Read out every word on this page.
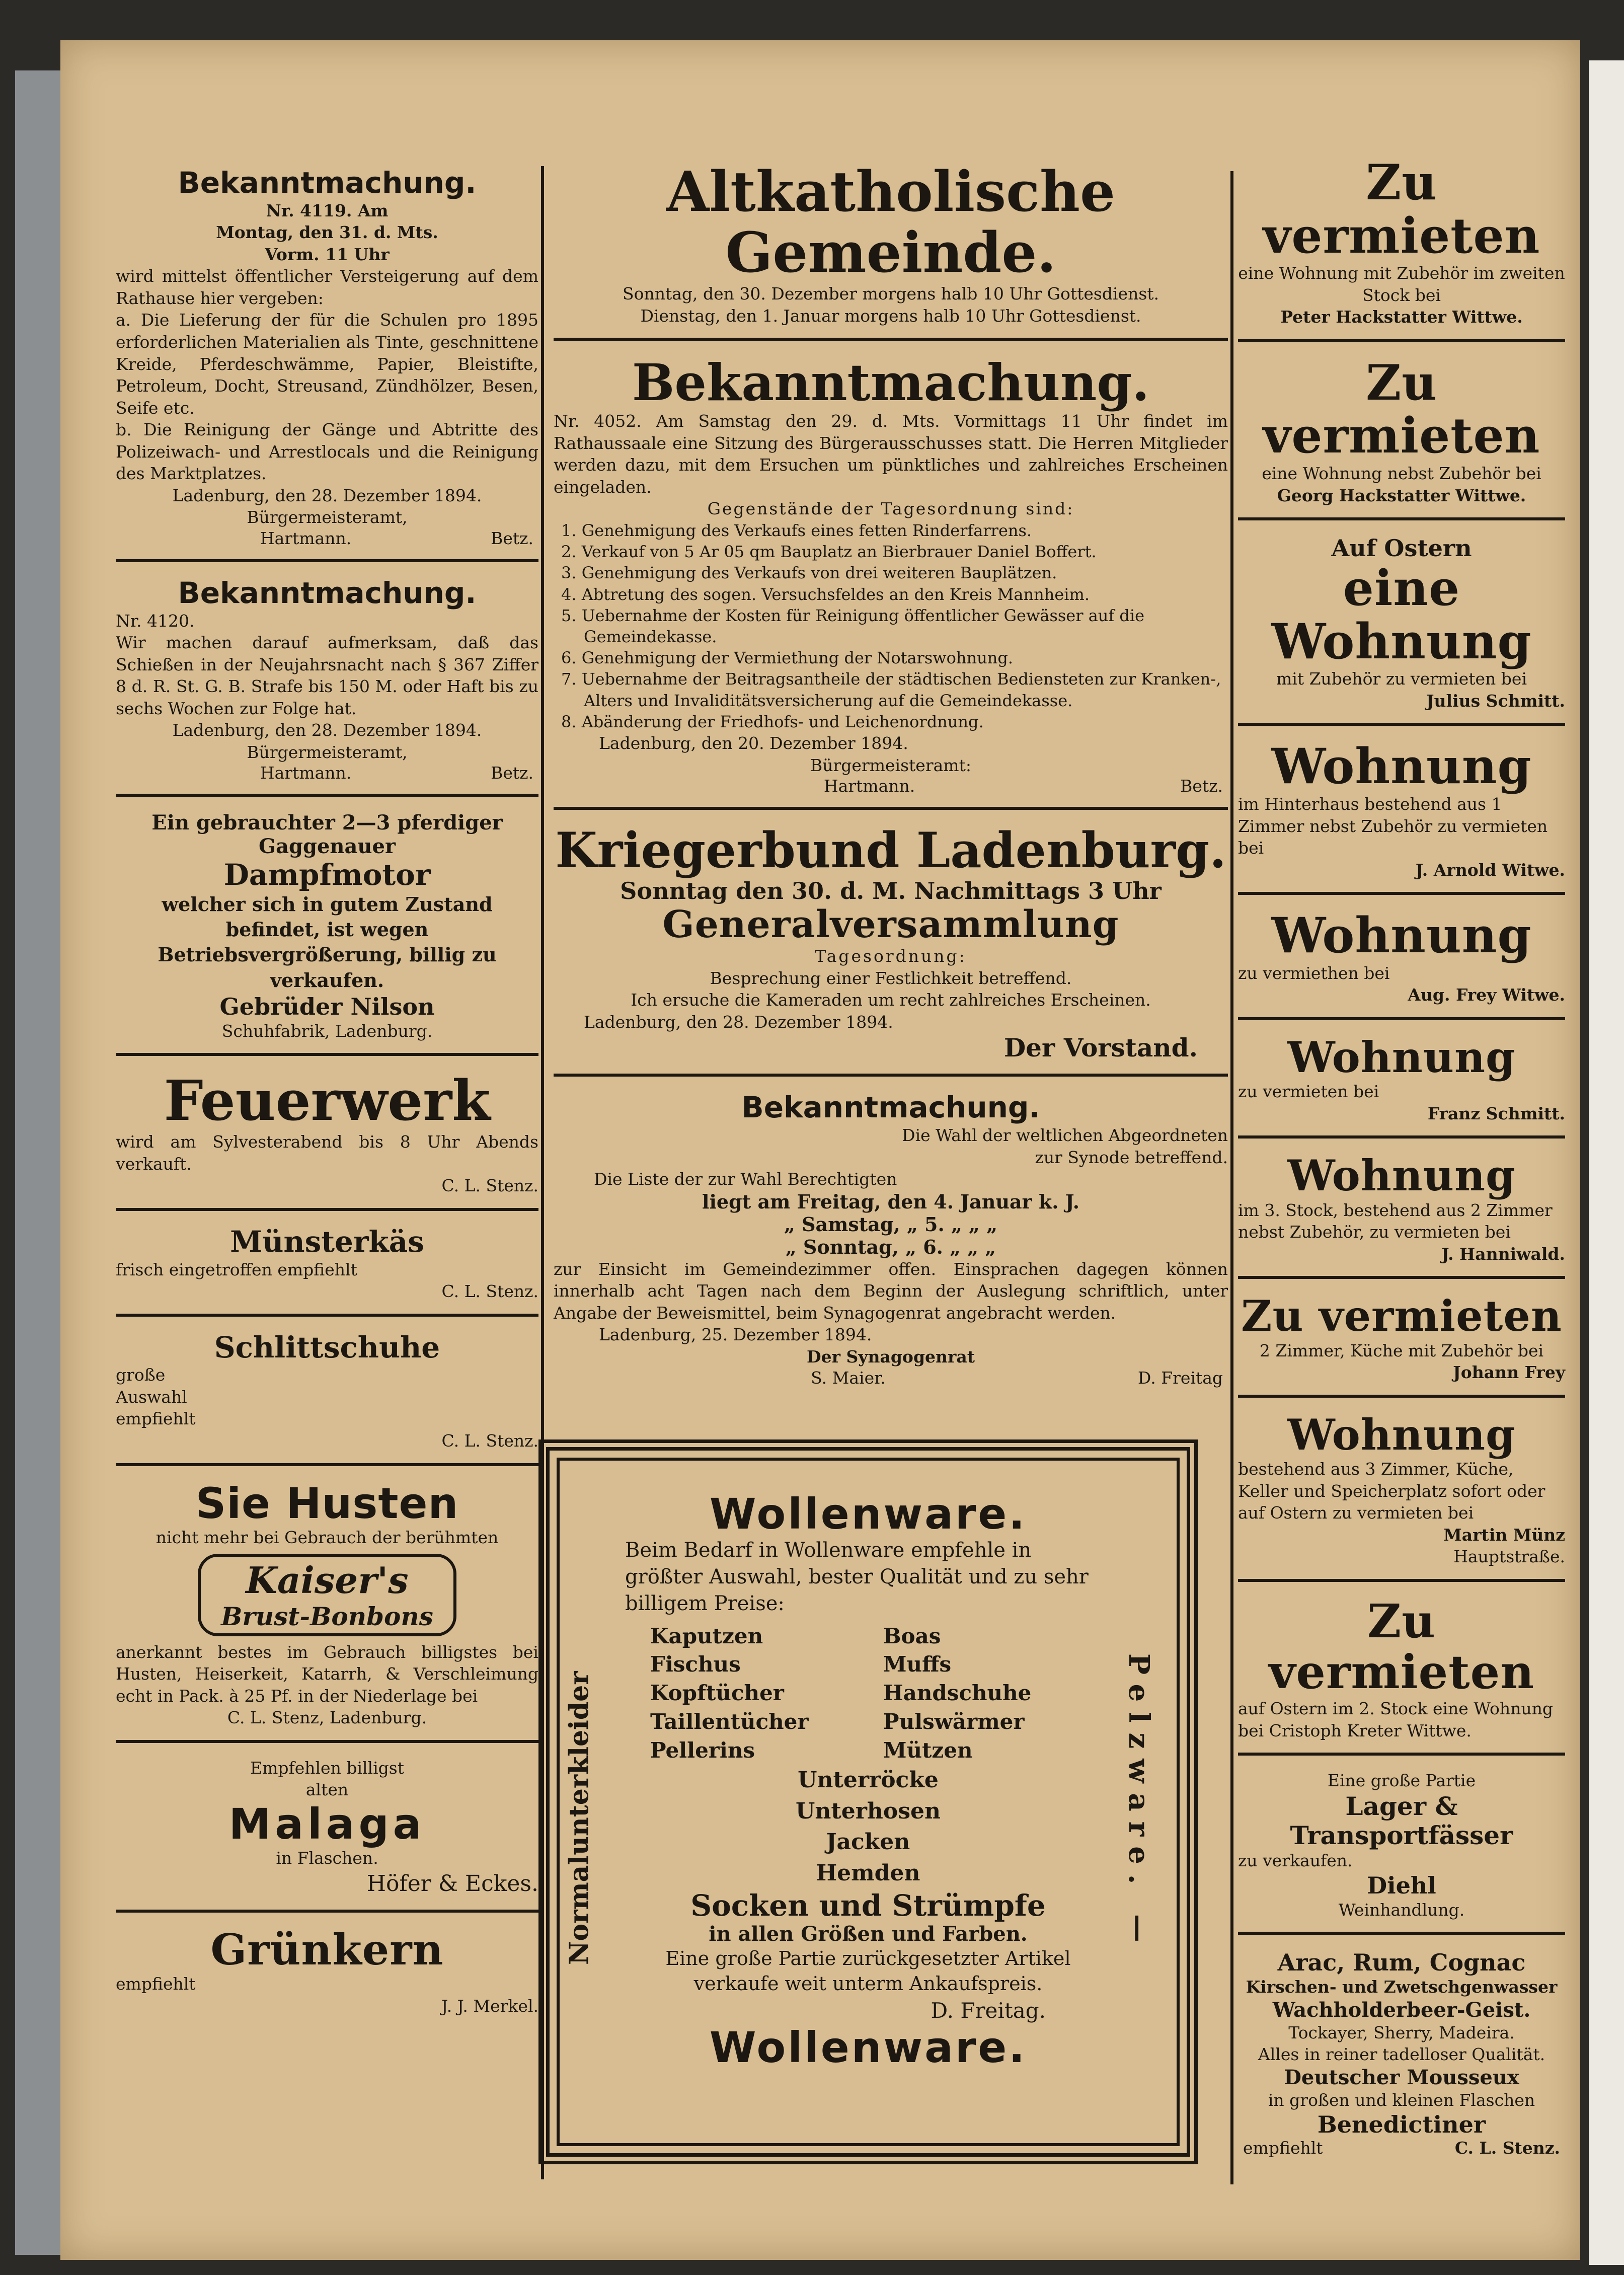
Bekanntmachung.
Nr. 4119. Am
Montag, den 31. d. Mts.
Vorm. 11 Uhr
wird mittelst öffentlicher Versteigerung auf dem Rathause hier vergeben:
a. Die Lieferung der für die Schulen pro 1895 erforderlichen Materialien als Tinte, geschnittene Kreide, Pferdeschwämme, Papier, Bleistifte, Petroleum, Docht, Streusand, Zündhölzer, Besen, Seife etc.
b. Die Reinigung der Gänge und Abtritte des Polizeiwach- und Arrestlocals und die Reinigung des Marktplatzes.
Ladenburg, den 28. Dezember 1894.
Bürgermeisteramt,
Hartmann.	Betz.
Bekanntmachung.
Nr. 4120.
Wir machen darauf aufmerksam, daß das Schießen in der Neujahrsnacht nach § 367 Ziffer 8 d. R. St. G. B. Strafe bis 150 M. oder Haft bis zu sechs Wochen zur Folge hat.
Ladenburg, den 28. Dezember 1894.
Bürgermeisteramt,
Hartmann.	Betz.
Ein gebrauchter 2—3 pferdiger Gaggenauer
Dampfmotor
welcher sich in gutem Zustand befindet, ist wegen Betriebsvergrößerung, billig zu verkaufen.
Gebrüder Nilson
Schuhfabrik, Ladenburg.
Feuerwerk
wird am Sylvesterabend bis 8 Uhr Abends verkauft.
C. L. Stenz.
Münsterkäs
frisch eingetroffen empfiehlt
C. L. Stenz.
Schlittschuhe
große Auswahl empfiehlt
C. L. Stenz.
Sie Husten
nicht mehr bei Gebrauch der berühmten
Kaiser's
Brust-Bonbons
anerkannt bestes im Gebrauch billigstes bei Husten, Heiserkeit, Katarrh, & Verschleimung echt in Pack. à 25 Pf. in der Niederlage bei
C. L. Stenz, Ladenburg.
Empfehlen billigst
alten
Malaga
in Flaschen.
Höfer & Eckes.
Grünkern
empfiehlt
J. J. Merkel.
Altkatholische Gemeinde.
Sonntag, den 30. Dezember morgens halb 10 Uhr Gottesdienst.
Dienstag, den 1. Januar morgens halb 10 Uhr Gottesdienst.
Bekanntmachung.
Nr. 4052. Am Samstag den 29. d. Mts. Vormittags 11 Uhr findet im Rathaussaale eine Sitzung des Bürgerausschusses statt. Die Herren Mitglieder werden dazu, mit dem Ersuchen um pünktliches und zahlreiches Erscheinen eingeladen.
Gegenstände der Tagesordnung sind:
1. Genehmigung des Verkaufs eines fetten Rinderfarrens.
2. Verkauf von 5 Ar 05 qm Bauplatz an Bierbrauer Daniel Boffert.
3. Genehmigung des Verkaufs von drei weiteren Bauplätzen.
4. Abtretung des sogen. Versuchsfeldes an den Kreis Mannheim.
5. Uebernahme der Kosten für Reinigung öffentlicher Gewässer auf die Gemeindekasse.
6. Genehmigung der Vermiethung der Notarswohnung.
7. Uebernahme der Beitragsantheile der städtischen Bediensteten zur Kranken-, Alters und Invaliditätsversicherung auf die Gemeindekasse.
8. Abänderung der Friedhofs- und Leichenordnung.
Ladenburg, den 20. Dezember 1894.
Bürgermeisteramt:
Hartmann.	Betz.
Kriegerbund Ladenburg.
Sonntag den 30. d. M. Nachmittags 3 Uhr
Generalversammlung
Tagesordnung:
Besprechung einer Festlichkeit betreffend.
Ich ersuche die Kameraden um recht zahlreiches Erscheinen.
Ladenburg, den 28. Dezember 1894.
Der Vorstand.
Bekanntmachung.
Die Wahl der weltlichen Abgeordneten zur Synode betreffend.
Die Liste der zur Wahl Berechtigten
liegt am Freitag, den 4. Januar k. J.
„ Samstag, „ 5. „ „ „
„ Sonntag, „ 6. „ „ „
zur Einsicht im Gemeindezimmer offen. Einsprachen dagegen können innerhalb acht Tagen nach dem Beginn der Auslegung schriftlich, unter Angabe der Beweismittel, beim Synagogenrat angebracht werden.
Ladenburg, 25. Dezember 1894.
Der Synagogenrat
S. Maier.	D. Freitag
Normalunterkleider	Pelzware. —
Wollenware.
Beim Bedarf in Wollenware empfehle in größter Auswahl, bester Qualität und zu sehr billigem Preise:
Kaputzen	Boas
Fischus	Muffs
Kopftücher	Handschuhe
Taillentücher	Pulswärmer
Pellerins	Mützen
Unterröcke
Unterhosen
Jacken
Hemden
Socken und Strümpfe
in allen Größen und Farben.
Eine große Partie zurückgesetzter Artikel verkaufe weit unterm Ankaufspreis.
D. Freitag.
Wollenware.
Zu vermieten
eine Wohnung mit Zubehör im zweiten Stock bei
Peter Hackstatter Wittwe.
Zu vermieten
eine Wohnung nebst Zubehör bei
Georg Hackstatter Wittwe.
Auf Ostern
eine Wohnung
mit Zubehör zu vermieten bei
Julius Schmitt.
Wohnung
im Hinterhaus bestehend aus 1 Zimmer nebst Zubehör zu vermieten bei
J. Arnold Witwe.
Wohnung
zu vermiethen bei
Aug. Frey Witwe.
Wohnung
zu vermieten bei
Franz Schmitt.
Wohnung
im 3. Stock, bestehend aus 2 Zimmer nebst Zubehör, zu vermieten bei
J. Hanniwald.
Zu vermieten
2 Zimmer, Küche mit Zubehör bei
Johann Frey
Wohnung
bestehend aus 3 Zimmer, Küche, Keller und Speicherplatz sofort oder auf Ostern zu vermieten bei
Martin Münz
Hauptstraße.
Zu vermieten
auf Ostern im 2. Stock eine Wohnung bei Cristoph Kreter Wittwe.
Eine große Partie
Lager & Transportfässer
zu verkaufen.
Diehl
Weinhandlung.
Arac, Rum, Cognac
Kirschen- und Zwetschgenwasser
Wachholderbeer-Geist.
Tockayer, Sherry, Madeira.
Alles in reiner tadelloser Qualität.
Deutscher Mousseux
in großen und kleinen Flaschen
Benedictiner
empfiehlt	C. L. Stenz.
